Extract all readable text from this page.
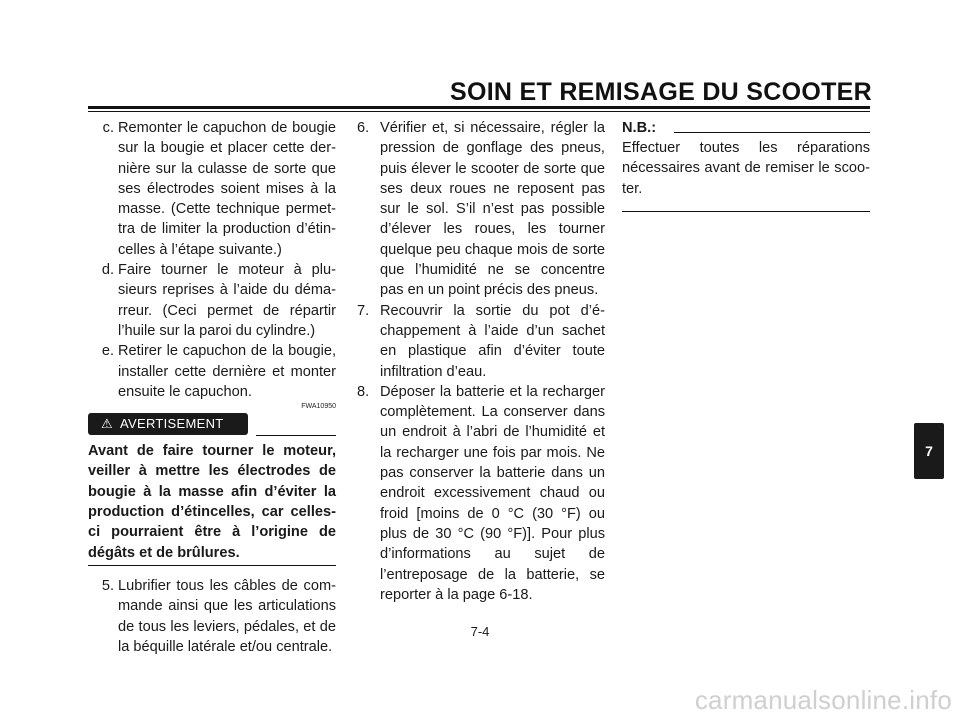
SOIN ET REMISAGE DU SCOOTER
c. Remonter le capuchon de bougie sur la bougie et placer cette dernière sur la culasse de sorte que ses électrodes soient mises à la masse. (Cette technique permettra de limiter la production d’étincelles à l’étape suivante.)
d. Faire tourner le moteur à plusieurs reprises à l’aide du démarreur. (Ceci permet de répartir l’huile sur la paroi du cylindre.)
e. Retirer le capuchon de la bougie, installer cette dernière et monter ensuite le capuchon.
FWA10950
⚠ AVERTISEMENT
Avant de faire tourner le moteur, veiller à mettre les électrodes de bougie à la masse afin d’éviter la production d’étincelles, car celles-ci pourraient être à l’origine de dégâts et de brûlures.
5. Lubrifier tous les câbles de commande ainsi que les articulations de tous les leviers, pédales, et de la béquille latérale et/ou centrale.
6. Vérifier et, si nécessaire, régler la pression de gonflage des pneus, puis élever le scooter de sorte que ses deux roues ne reposent pas sur le sol. S’il n’est pas possible d’élever les roues, les tourner quelque peu chaque mois de sorte que l’humidité ne se concentre pas en un point précis des pneus.
7. Recouvrir la sortie du pot d’échappement à l’aide d’un sachet en plastique afin d’éviter toute infiltration d’eau.
8. Déposer la batterie et la recharger complètement. La conserver dans un endroit à l’abri de l’humidité et la recharger une fois par mois. Ne pas conserver la batterie dans un endroit excessivement chaud ou froid [moins de 0 °C (30 °F) ou plus de 30 °C (90 °F)]. Pour plus d’informations au sujet de l’entreposage de la batterie, se reporter à la page 6-18.
N.B.:
Effectuer toutes les réparations nécessaires avant de remiser le scooter.
7-4
7
carmanualsonline.info
